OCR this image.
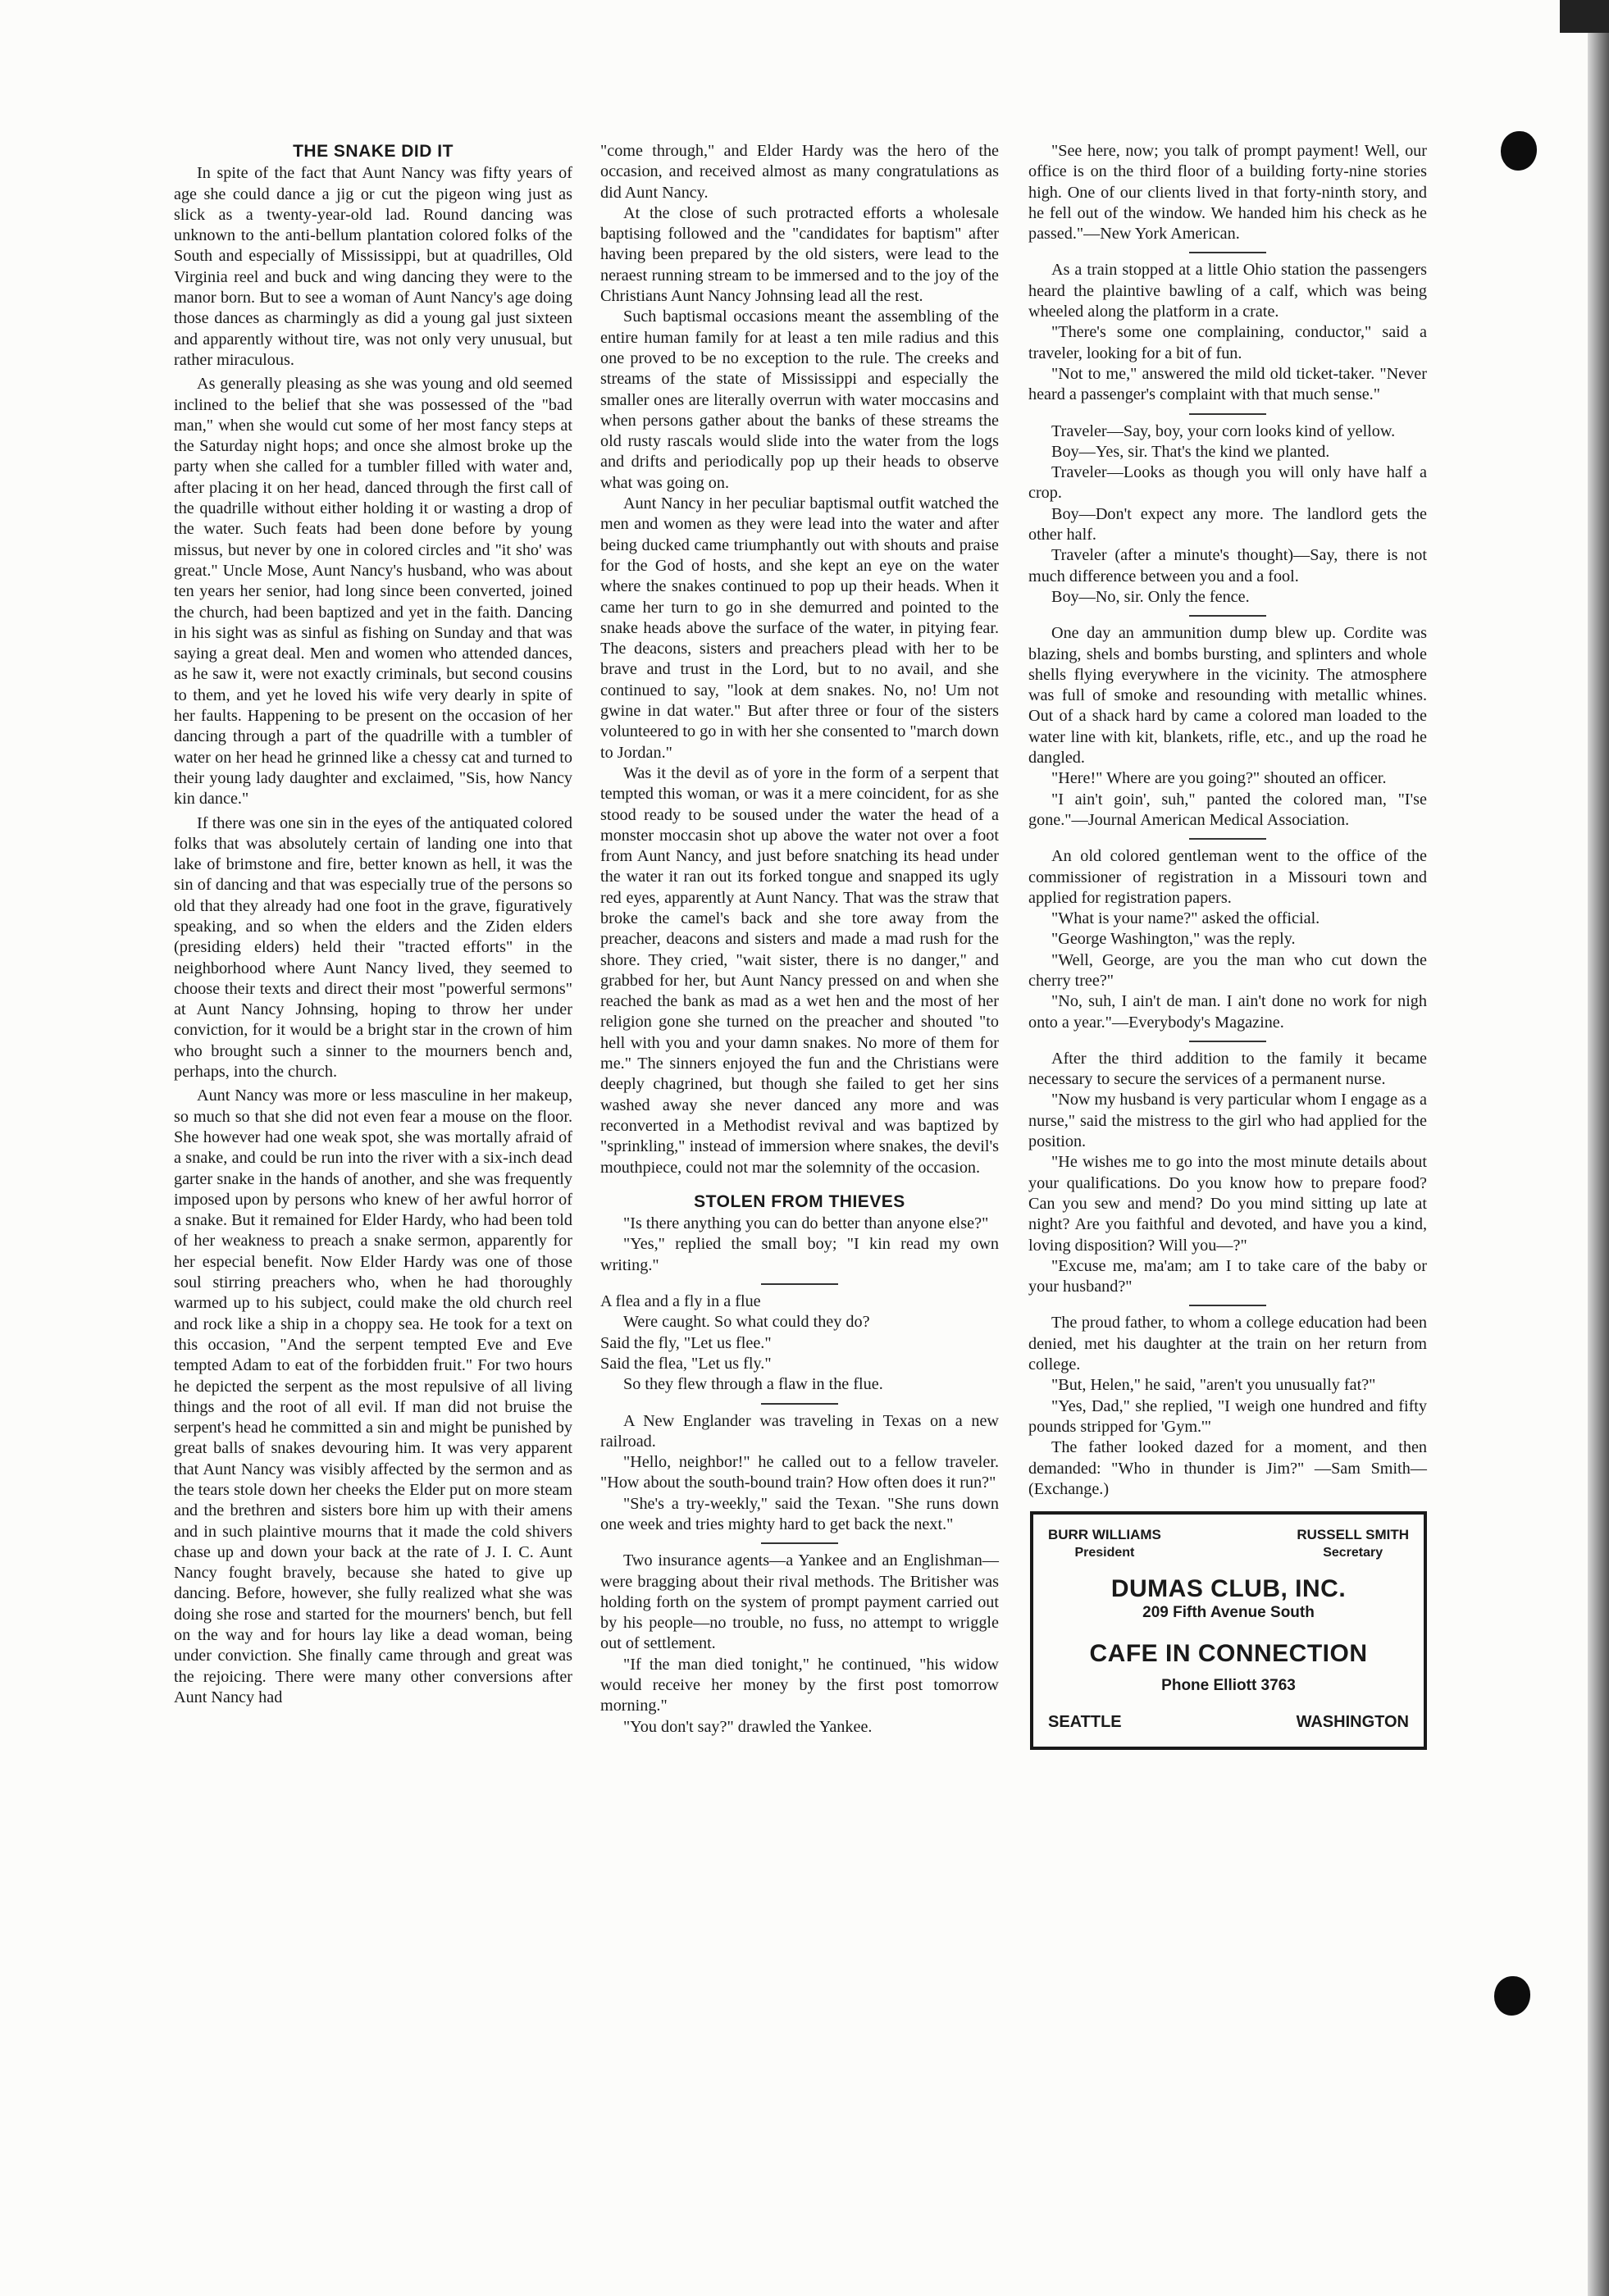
THE SNAKE DID IT

In spite of the fact that Aunt Nancy was fifty years of age she could dance a jig or cut the pigeon wing just as slick as a twenty-year-old lad. Round dancing was unknown to the anti-bellum plantation colored folks of the South and especially of Mississippi, but at quadrilles, Old Virginia reel and buck and wing dancing they were to the manor born. But to see a woman of Aunt Nancy's age doing those dances as charmingly as did a young gal just sixteen and apparently without tire, was not only very unusual, but rather miraculous.

As generally pleasing as she was young and old seemed inclined to the belief that she was possessed of the "bad man," when she would cut some of her most fancy steps at the Saturday night hops; and once she almost broke up the party when she called for a tumbler filled with water and, after placing it on her head, danced through the first call of the quadrille without either holding it or wasting a drop of the water. Such feats had been done before by young missus, but never by one in colored circles and "it sho' was great." Uncle Mose, Aunt Nancy's husband, who was about ten years her senior, had long since been converted, joined the church, had been baptized and yet in the faith. Dancing in his sight was as sinful as fishing on Sunday and that was saying a great deal. Men and women who attended dances, as he saw it, were not exactly criminals, but second cousins to them, and yet he loved his wife very dearly in spite of her faults. Happening to be present on the occasion of her dancing through a part of the quadrille with a tumbler of water on her head he grinned like a chessy cat and turned to their young lady daughter and exclaimed, "Sis, how Nancy kin dance."

If there was one sin in the eyes of the antiquated colored folks that was absolutely certain of landing one into that lake of brimstone and fire, better known as hell, it was the sin of dancing and that was especially true of the persons so old that they already had one foot in the grave, figuratively speaking, and so when the elders and the Ziden elders (presiding elders) held their "tracted efforts" in the neighborhood where Aunt Nancy lived, they seemed to choose their texts and direct their most "powerful sermons" at Aunt Nancy Johnsing, hoping to throw her under conviction, for it would be a bright star in the crown of him who brought such a sinner to the mourners bench and, perhaps, into the church.

Aunt Nancy was more or less masculine in her makeup, so much so that she did not even fear a mouse on the floor. She however had one weak spot, she was mortally afraid of a snake, and could be run into the river with a six-inch dead garter snake in the hands of another, and she was frequently imposed upon by persons who knew of her awful horror of a snake. But it remained for Elder Hardy, who had been told of her weakness to preach a snake sermon, apparently for her especial benefit. Now Elder Hardy was one of those soul stirring preachers who, when he had thoroughly warmed up to his subject, could make the old church reel and rock like a ship in a choppy sea. He took for a text on this occasion, "And the serpent tempted Eve and Eve tempted Adam to eat of the forbidden fruit." For two hours he depicted the serpent as the most repulsive of all living things and the root of all evil. If man did not bruise the serpent's head he committed a sin and might be punished by great balls of snakes devouring him. It was very apparent that Aunt Nancy was visibly affected by the sermon and as the tears stole down her cheeks the Elder put on more steam and the brethren and sisters bore him up with their amens and in such plaintive mourns that it made the cold shivers chase up and down your back at the rate of J. I. C. Aunt Nancy fought bravely, because she hated to give up dancing. Before, however, she fully realized what she was doing she rose and started for the mourners' bench, but fell on the way and for hours lay like a dead woman, being under conviction. She finally came through and great was the rejoicing. There were many other conversions after Aunt Nancy had

"come through," and Elder Hardy was the hero of the occasion, and received almost as many congratulations as did Aunt Nancy.

At the close of such protracted efforts a wholesale baptising followed and the "candidates for baptism" after having been prepared by the old sisters, were lead to the neraest running stream to be immersed and to the joy of the Christians Aunt Nancy Johnsing lead all the rest.

Such baptismal occasions meant the assembling of the entire human family for at least a ten mile radius and this one proved to be no exception to the rule. The creeks and streams of the state of Mississippi and especially the smaller ones are literally overrun with water moccasins and when persons gather about the banks of these streams the old rusty rascals would slide into the water from the logs and drifts and periodically pop up their heads to observe what was going on.

Aunt Nancy in her peculiar baptismal outfit watched the men and women as they were lead into the water and after being ducked came triumphantly out with shouts and praise for the God of hosts, and she kept an eye on the water where the snakes continued to pop up their heads. When it came her turn to go in she demurred and pointed to the snake heads above the surface of the water, in pitying fear. The deacons, sisters and preachers plead with her to be brave and trust in the Lord, but to no avail, and she continued to say, "look at dem snakes. No, no! Um not gwine in dat water." But after three or four of the sisters volunteered to go in with her she consented to "march down to Jordan."

Was it the devil as of yore in the form of a serpent that tempted this woman, or was it a mere coincident, for as she stood ready to be soused under the water the head of a monster moccasin shot up above the water not over a foot from Aunt Nancy, and just before snatching its head under the water it ran out its forked tongue and snapped its ugly red eyes, apparently at Aunt Nancy. That was the straw that broke the camel's back and she tore away from the preacher, deacons and sisters and made a mad rush for the shore. They cried, "wait sister, there is no danger," and grabbed for her, but Aunt Nancy pressed on and when she reached the bank as mad as a wet hen and the most of her religion gone she turned on the preacher and shouted "to hell with you and your damn snakes. No more of them for me." The sinners enjoyed the fun and the Christians were deeply chagrined, but though she failed to get her sins washed away she never danced any more and was reconverted in a Methodist revival and was baptized by "sprinkling," instead of immersion where snakes, the devil's mouthpiece, could not mar the solemnity of the occasion.

STOLEN FROM THIEVES

"Is there anything you can do better than anyone else?"

"Yes," replied the small boy; "I kin read my own writing."

A flea and a fly in a flue

Were caught. So what could they do?

Said the fly, "Let us flee."

Said the flea, "Let us fly."

So they flew through a flaw in the flue.

A New Englander was traveling in Texas on a new railroad.

"Hello, neighbor!" he called out to a fellow traveler. "How about the south-bound train? How often does it run?"

"She's a try-weekly," said the Texan. "She runs down one week and tries mighty hard to get back the next."

Two insurance agents—a Yankee and an Englishman—were bragging about their rival methods. The Britisher was holding forth on the system of prompt payment carried out by his people—no trouble, no fuss, no attempt to wriggle out of settlement.

"If the man died tonight," he continued, "his widow would receive her money by the first post tomorrow morning."

"You don't say?" drawled the Yankee.

"See here, now; you talk of prompt payment! Well, our office is on the third floor of a building forty-nine stories high. One of our clients lived in that forty-ninth story, and he fell out of the window. We handed him his check as he passed."—New York American.

As a train stopped at a little Ohio station the passengers heard the plaintive bawling of a calf, which was being wheeled along the platform in a crate.

"There's some one complaining, conductor," said a traveler, looking for a bit of fun.

"Not to me," answered the mild old ticket-taker. "Never heard a passenger's complaint with that much sense."

Traveler—Say, boy, your corn looks kind of yellow.

Boy—Yes, sir. That's the kind we planted.

Traveler—Looks as though you will only have half a crop.

Boy—Don't expect any more. The landlord gets the other half.

Traveler (after a minute's thought)—Say, there is not much difference between you and a fool.

Boy—No, sir. Only the fence.

One day an ammunition dump blew up. Cordite was blazing, shels and bombs bursting, and splinters and whole shells flying everywhere in the vicinity. The atmosphere was full of smoke and resounding with metallic whines. Out of a shack hard by came a colored man loaded to the water line with kit, blankets, rifle, etc., and up the road he dangled.

"Here!" Where are you going?" shouted an officer.

"I ain't goin', suh," panted the colored man, "I'se gone."—Journal American Medical Association.

An old colored gentleman went to the office of the commissioner of registration in a Missouri town and applied for registration papers.

"What is your name?" asked the official.

"George Washington," was the reply.

"Well, George, are you the man who cut down the cherry tree?"

"No, suh, I ain't de man. I ain't done no work for nigh onto a year."—Everybody's Magazine.

After the third addition to the family it became necessary to secure the services of a permanent nurse.

"Now my husband is very particular whom I engage as a nurse," said the mistress to the girl who had applied for the position.

"He wishes me to go into the most minute details about your qualifications. Do you know how to prepare food? Can you sew and mend? Do you mind sitting up late at night? Are you faithful and devoted, and have you a kind, loving disposition? Will you—?"

"Excuse me, ma'am; am I to take care of the baby or your husband?"

The proud father, to whom a college education had been denied, met his daughter at the train on her return from college.

"But, Helen," he said, "aren't you unusually fat?"

"Yes, Dad," she replied, "I weigh one hundred and fifty pounds stripped for 'Gym.'"

The father looked dazed for a moment, and then demanded: "Who in thunder is Jim?" —Sam Smith—(Exchange.)

BURR WILLIAMS
President
RUSSELL SMITH
Secretary
DUMAS CLUB, INC.
209 Fifth Avenue South
CAFE IN CONNECTION
Phone Elliott 3763
SEATTLE	WASHINGTON
